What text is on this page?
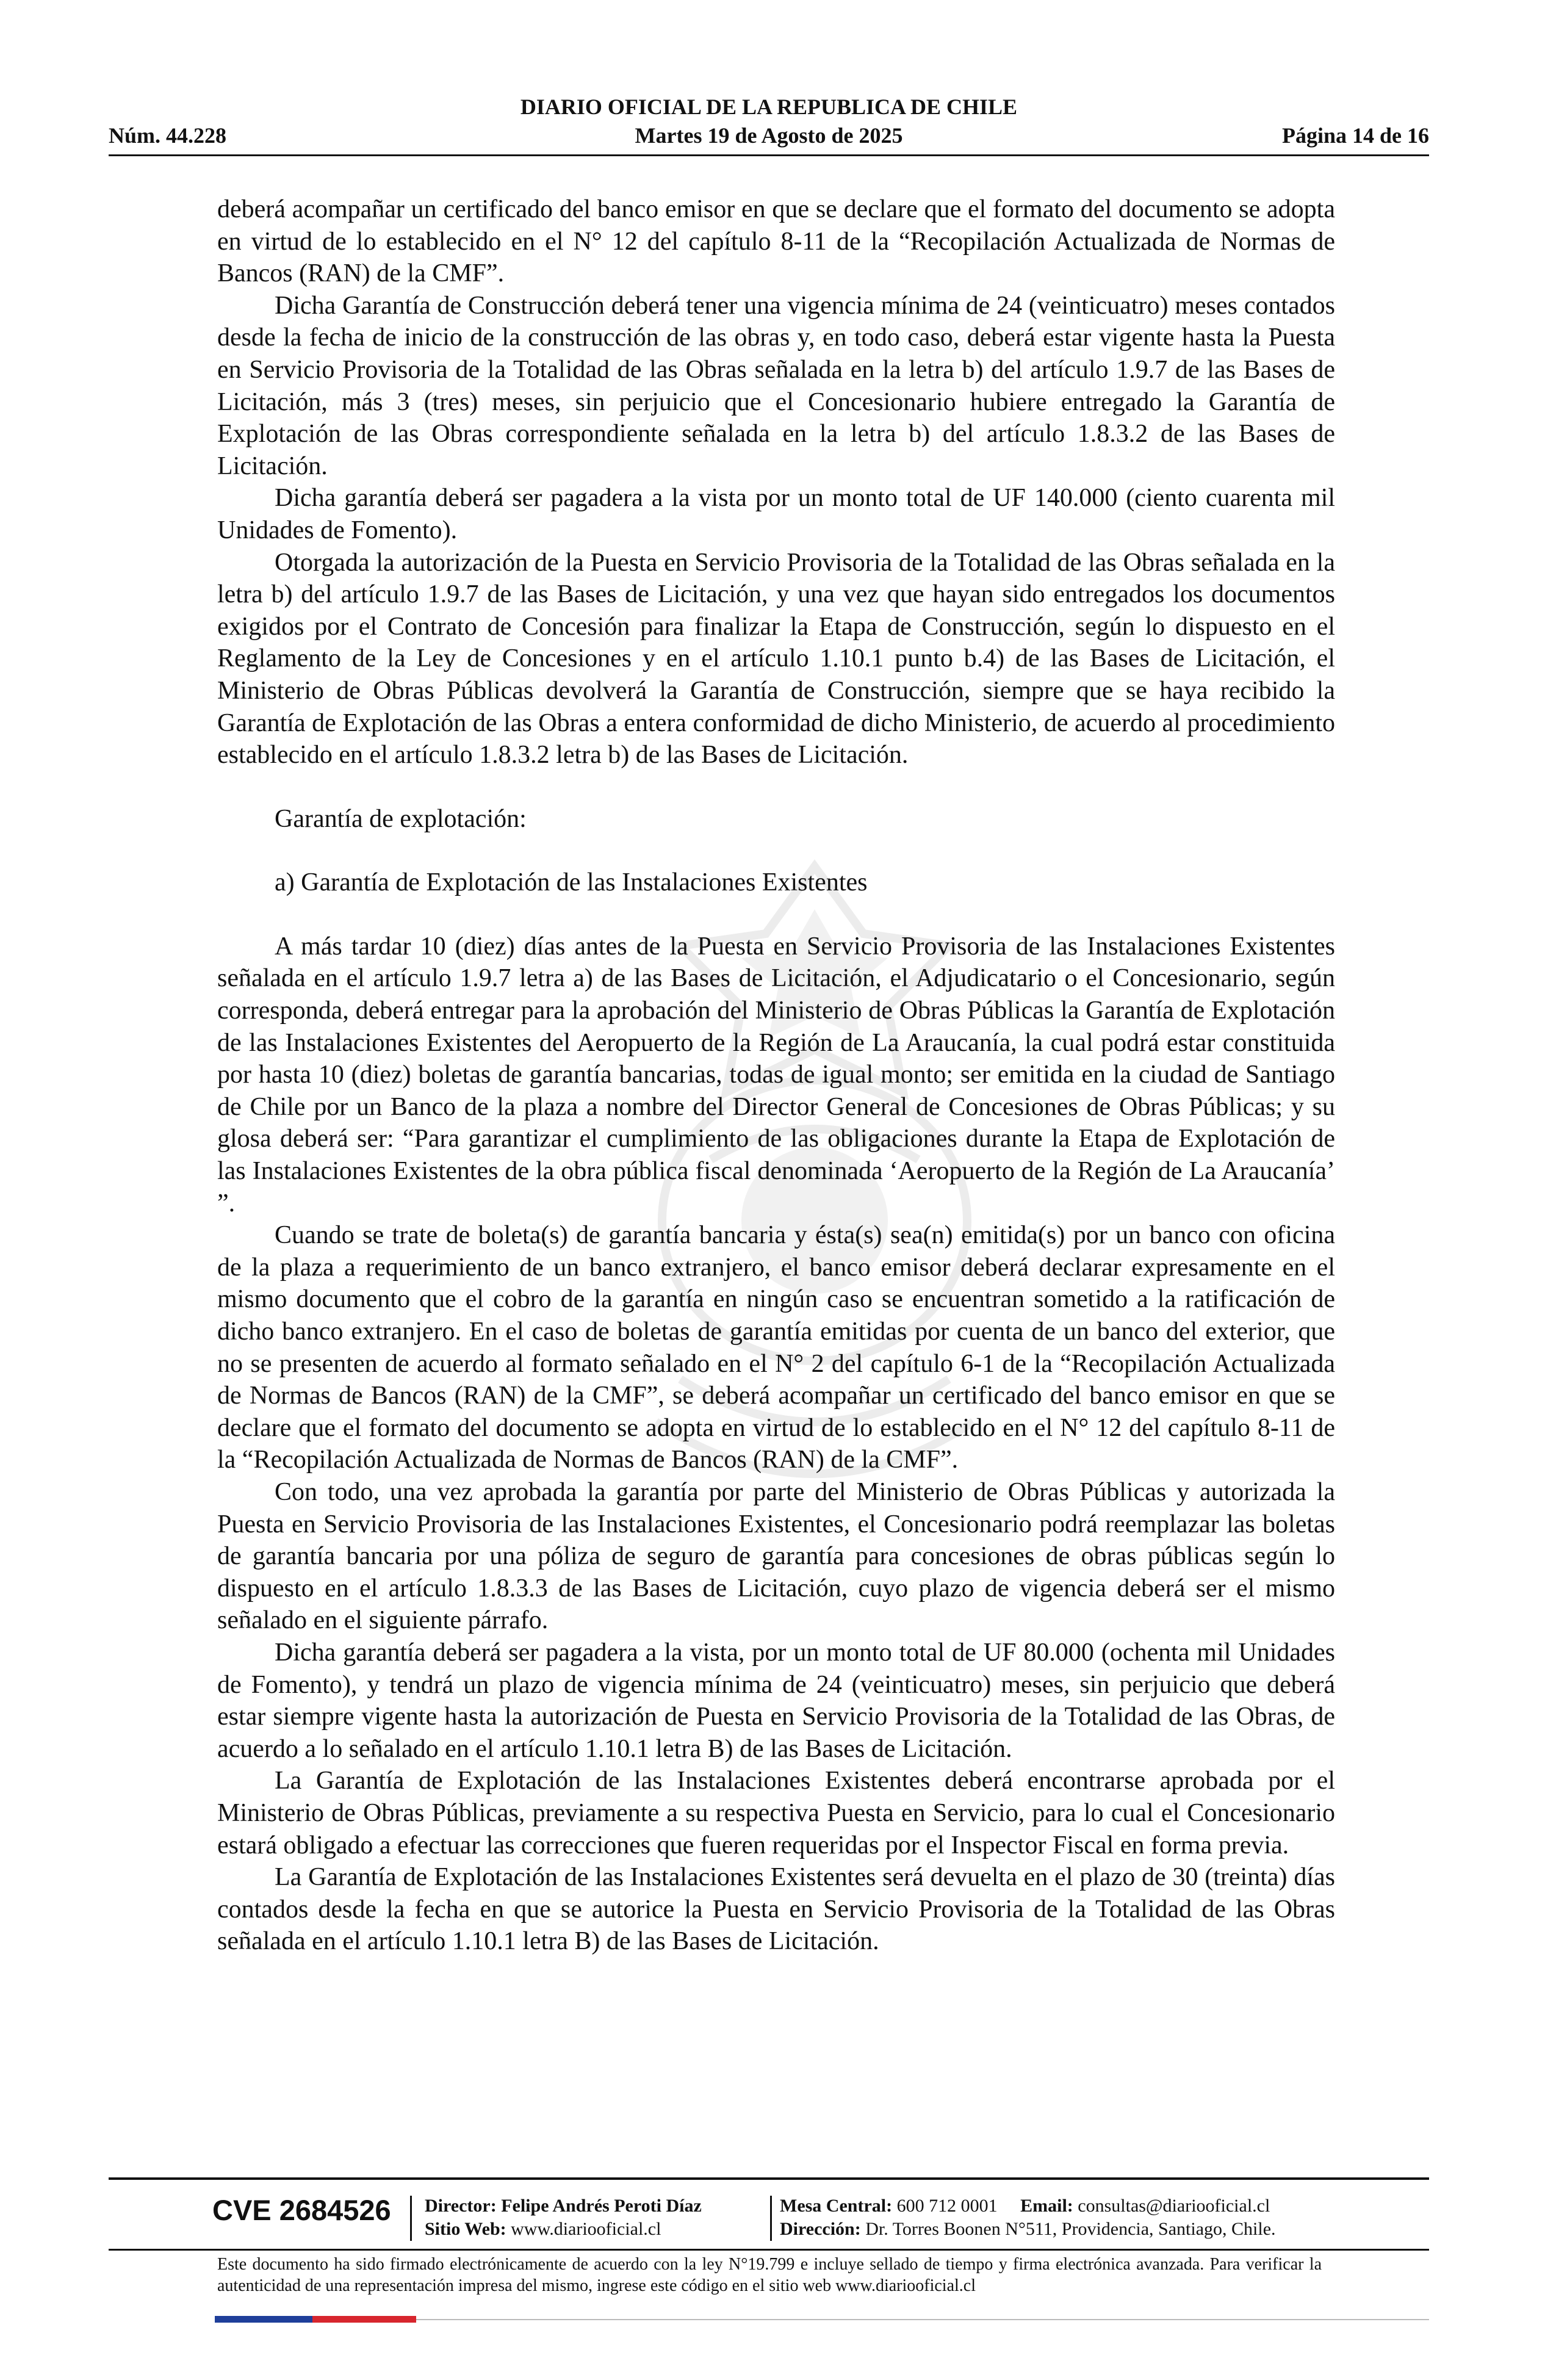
DIARIO OFICIAL DE LA REPUBLICA DE CHILE
Núm. 44.228	Martes 19 de Agosto de 2025	Página 14 de 16

deberá acompañar un certificado del banco emisor en que se declare que el formato del documento se adopta en virtud de lo establecido en el N° 12 del capítulo 8-11 de la “Recopilación Actualizada de Normas de Bancos (RAN) de la CMF”.

Dicha Garantía de Construcción deberá tener una vigencia mínima de 24 (veinticuatro) meses contados desde la fecha de inicio de la construcción de las obras y, en todo caso, deberá estar vigente hasta la Puesta en Servicio Provisoria de la Totalidad de las Obras señalada en la letra b) del artículo 1.9.7 de las Bases de Licitación, más 3 (tres) meses, sin perjuicio que el Concesionario hubiere entregado la Garantía de Explotación de las Obras correspondiente señalada en la letra b) del artículo 1.8.3.2 de las Bases de Licitación.

Dicha garantía deberá ser pagadera a la vista por un monto total de UF 140.000 (ciento cuarenta mil Unidades de Fomento).

Otorgada la autorización de la Puesta en Servicio Provisoria de la Totalidad de las Obras señalada en la letra b) del artículo 1.9.7 de las Bases de Licitación, y una vez que hayan sido entregados los documentos exigidos por el Contrato de Concesión para finalizar la Etapa de Construcción, según lo dispuesto en el Reglamento de la Ley de Concesiones y en el artículo 1.10.1 punto b.4) de las Bases de Licitación, el Ministerio de Obras Públicas devolverá la Garantía de Construcción, siempre que se haya recibido la Garantía de Explotación de las Obras a entera conformidad de dicho Ministerio, de acuerdo al procedimiento establecido en el artículo 1.8.3.2 letra b) de las Bases de Licitación.

Garantía de explotación:

a) Garantía de Explotación de las Instalaciones Existentes

A más tardar 10 (diez) días antes de la Puesta en Servicio Provisoria de las Instalaciones Existentes señalada en el artículo 1.9.7 letra a) de las Bases de Licitación, el Adjudicatario o el Concesionario, según corresponda, deberá entregar para la aprobación del Ministerio de Obras Públicas la Garantía de Explotación de las Instalaciones Existentes del Aeropuerto de la Región de La Araucanía, la cual podrá estar constituida por hasta 10 (diez) boletas de garantía bancarias, todas de igual monto; ser emitida en la ciudad de Santiago de Chile por un Banco de la plaza a nombre del Director General de Concesiones de Obras Públicas; y su glosa deberá ser: “Para garantizar el cumplimiento de las obligaciones durante la Etapa de Explotación de las Instalaciones Existentes de la obra pública fiscal denominada ‘Aeropuerto de la Región de La Araucanía’ ”.

Cuando se trate de boleta(s) de garantía bancaria y ésta(s) sea(n) emitida(s) por un banco con oficina de la plaza a requerimiento de un banco extranjero, el banco emisor deberá declarar expresamente en el mismo documento que el cobro de la garantía en ningún caso se encuentran sometido a la ratificación de dicho banco extranjero. En el caso de boletas de garantía emitidas por cuenta de un banco del exterior, que no se presenten de acuerdo al formato señalado en el N° 2 del capítulo 6-1 de la “Recopilación Actualizada de Normas de Bancos (RAN) de la CMF”, se deberá acompañar un certificado del banco emisor en que se declare que el formato del documento se adopta en virtud de lo establecido en el N° 12 del capítulo 8-11 de la “Recopilación Actualizada de Normas de Bancos (RAN) de la CMF”.

Con todo, una vez aprobada la garantía por parte del Ministerio de Obras Públicas y autorizada la Puesta en Servicio Provisoria de las Instalaciones Existentes, el Concesionario podrá reemplazar las boletas de garantía bancaria por una póliza de seguro de garantía para concesiones de obras públicas según lo dispuesto en el artículo 1.8.3.3 de las Bases de Licitación, cuyo plazo de vigencia deberá ser el mismo señalado en el siguiente párrafo.

Dicha garantía deberá ser pagadera a la vista, por un monto total de UF 80.000 (ochenta mil Unidades de Fomento), y tendrá un plazo de vigencia mínima de 24 (veinticuatro) meses, sin perjuicio que deberá estar siempre vigente hasta la autorización de Puesta en Servicio Provisoria de la Totalidad de las Obras, de acuerdo a lo señalado en el artículo 1.10.1 letra B) de las Bases de Licitación.

La Garantía de Explotación de las Instalaciones Existentes deberá encontrarse aprobada por el Ministerio de Obras Públicas, previamente a su respectiva Puesta en Servicio, para lo cual el Concesionario estará obligado a efectuar las correcciones que fueren requeridas por el Inspector Fiscal en forma previa.

La Garantía de Explotación de las Instalaciones Existentes será devuelta en el plazo de 30 (treinta) días contados desde la fecha en que se autorice la Puesta en Servicio Provisoria de la Totalidad de las Obras señalada en el artículo 1.10.1 letra B) de las Bases de Licitación.

CVE 2684526 Director: Felipe Andrés Peroti Díaz
Sitio Web: www.diariooficial.cl
Mesa Central: 600 712 0001 Email: consultas@diariooficial.cl
Dirección: Dr. Torres Boonen N°511, Providencia, Santiago, Chile.
Este documento ha sido firmado electrónicamente de acuerdo con la ley N°19.799 e incluye sellado de tiempo y firma electrónica avanzada. Para verificar la autenticidad de una representación impresa del mismo, ingrese este código en el sitio web www.diariooficial.cl
